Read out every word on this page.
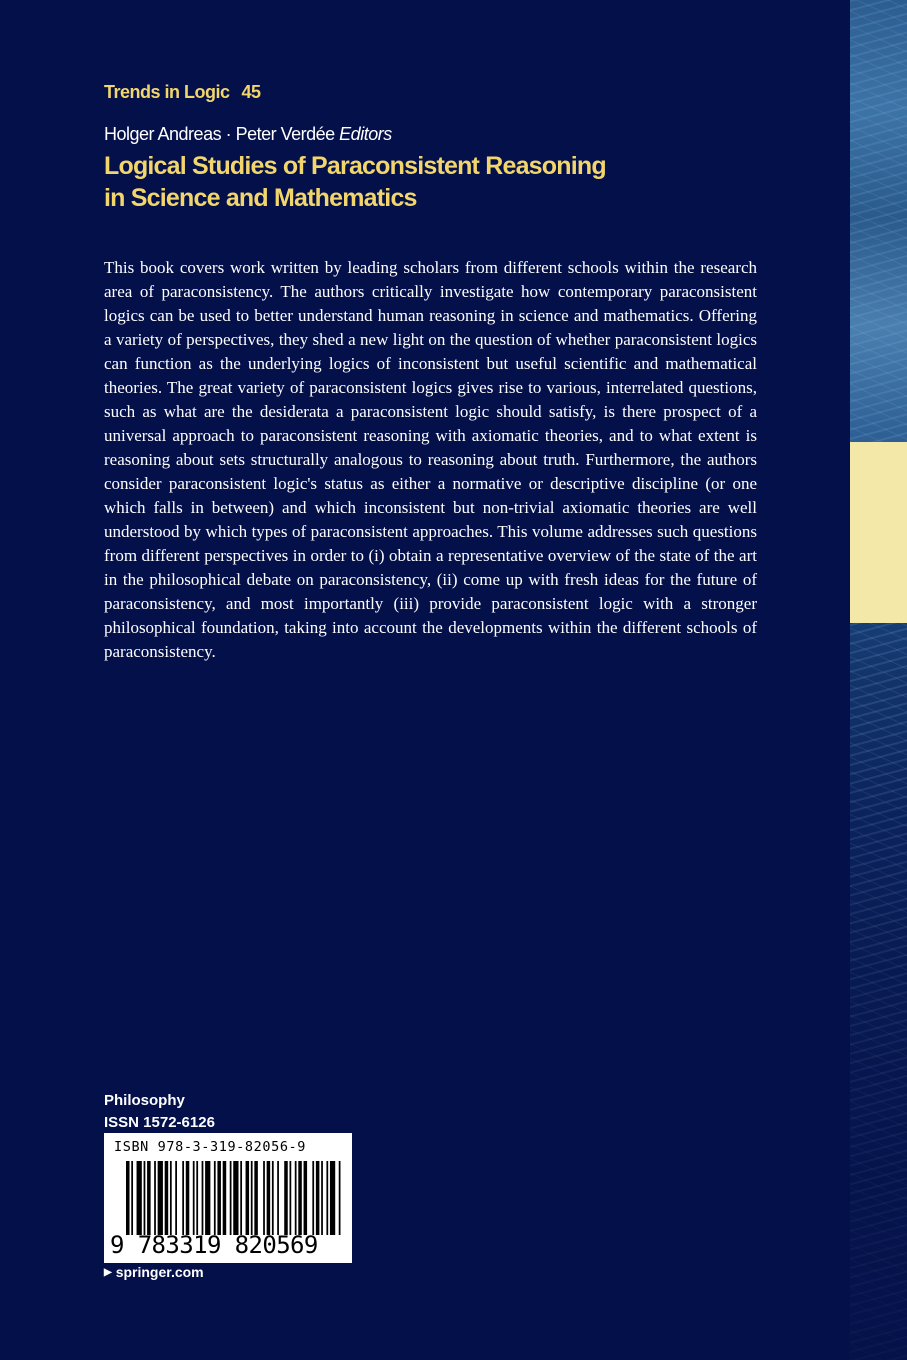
Trends in Logic 45
Holger Andreas · Peter Verdée Editors
Logical Studies of Paraconsistent Reasoning
in Science and Mathematics
This book covers work written by leading scholars from different schools within the research area of paraconsistency. The authors critically investigate how contemporary paraconsistent logics can be used to better understand human reasoning in science and mathematics. Offering a variety of perspectives, they shed a new light on the question of whether paraconsistent logics can function as the underlying logics of inconsistent but useful scientific and mathematical theories. The great variety of paraconsistent logics gives rise to various, interrelated questions, such as what are the desiderata a paraconsistent logic should satisfy, is there prospect of a universal approach to paraconsistent reasoning with axiomatic theories, and to what extent is reasoning about sets structurally analogous to reasoning about truth. Furthermore, the authors consider paraconsistent logic's status as either a normative or descriptive discipline (or one which falls in between) and which inconsistent but non-trivial axiomatic theories are well understood by which types of paraconsistent approaches. This volume addresses such questions from different perspectives in order to (i) obtain a representative overview of the state of the art in the philosophical debate on paraconsistency, (ii) come up with fresh ideas for the future of paraconsistency, and most importantly (iii) provide paraconsistent logic with a stronger philosophical foundation, taking into account the developments within the different schools of paraconsistency.
Philosophy
ISSN 1572-6126
ISBN 978-3-319-82056-9
9 783319 820569
▶ springer.com
